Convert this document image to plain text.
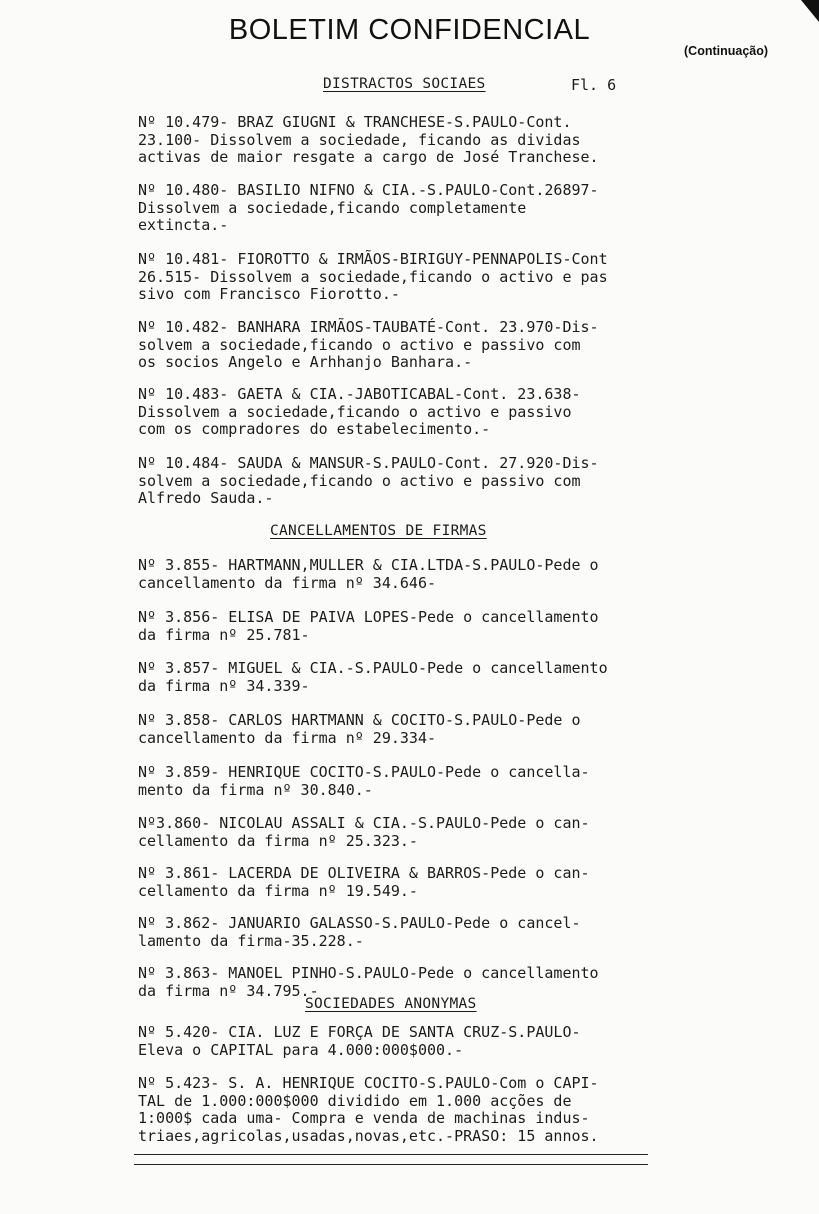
BOLETIM CONFIDENCIAL
(Continuação)
DISTRACTOS SOCIAES	Fl. 6
Nº 10.479- BRAZ GIUGNI & TRANCHESE-S.PAULO-Cont.
23.100- Dissolvem a sociedade, ficando as dividas
activas de maior resgate a cargo de José Tranchese.
Nº 10.480- BASILIO NIFNO & CIA.-S.PAULO-Cont.26897-
Dissolvem a sociedade,ficando completamente
extincta.-
Nº 10.481- FIOROTTO & IRMÃOS-BIRIGUY-PENNAPOLIS-Cont
26.515- Dissolvem a sociedade,ficando o activo e pas
sivo com Francisco Fiorotto.-
Nº 10.482- BANHARA IRMÃOS-TAUBATÉ-Cont. 23.970-Dis-
solvem a sociedade,ficando o activo e passivo com
os socios Angelo e Arhhanjo Banhara.-
Nº 10.483- GAETA & CIA.-JABOTICABAL-Cont. 23.638-
Dissolvem a sociedade,ficando o activo e passivo
com os compradores do estabelecimento.-
Nº 10.484- SAUDA & MANSUR-S.PAULO-Cont. 27.920-Dis-
solvem a sociedade,ficando o activo e passivo com
Alfredo Sauda.-
CANCELLAMENTOS DE FIRMAS
Nº 3.855- HARTMANN,MULLER & CIA.LTDA-S.PAULO-Pede o
cancellamento da firma nº 34.646-
Nº 3.856- ELISA DE PAIVA LOPES-Pede o cancellamento
da firma nº 25.781-
Nº 3.857- MIGUEL & CIA.-S.PAULO-Pede o cancellamento
da firma nº 34.339-
Nº 3.858- CARLOS HARTMANN & COCITO-S.PAULO-Pede o
cancellamento da firma nº 29.334-
Nº 3.859- HENRIQUE COCITO-S.PAULO-Pede o cancella-
mento da firma nº 30.840.-
Nº3.860- NICOLAU ASSALI & CIA.-S.PAULO-Pede o can-
cellamento da firma nº 25.323.-
Nº 3.861- LACERDA DE OLIVEIRA & BARROS-Pede o can-
cellamento da firma nº 19.549.-
Nº 3.862- JANUARIO GALASSO-S.PAULO-Pede o cancel-
lamento da firma-35.228.-
Nº 3.863- MANOEL PINHO-S.PAULO-Pede o cancellamento
da firma nº 34.795.-
SOCIEDADES ANONYMAS
Nº 5.420- CIA. LUZ E FORÇA DE SANTA CRUZ-S.PAULO-
Eleva o CAPITAL para 4.000:000$000.-
Nº 5.423- S. A. HENRIQUE COCITO-S.PAULO-Com o CAPI-
TAL de 1.000:000$000 dividido em 1.000 acções de
1:000$ cada uma- Compra e venda de machinas indus-
triaes,agricolas,usadas,novas,etc.-PRASO: 15 annos.
